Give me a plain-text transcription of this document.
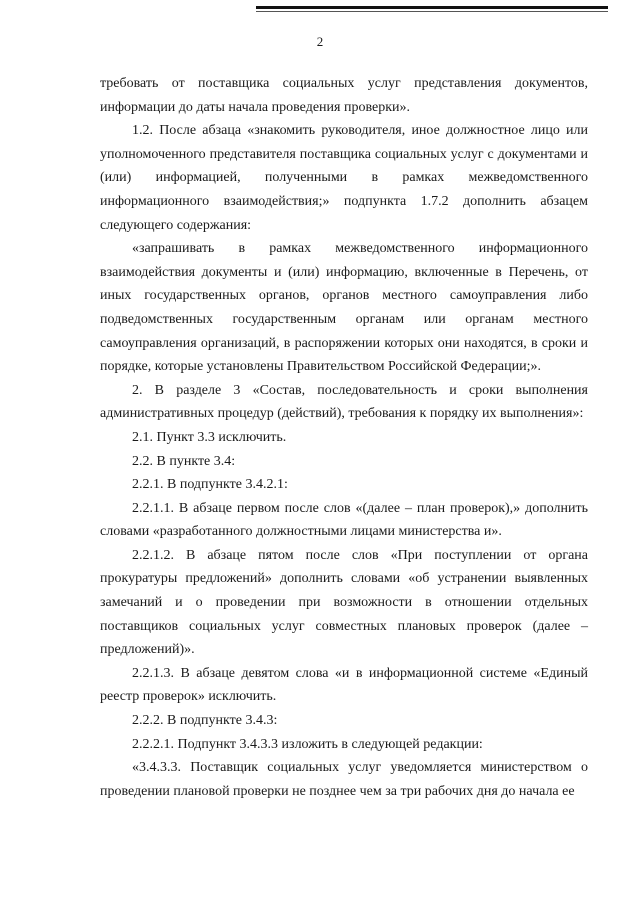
2

требовать от поставщика социальных услуг представления документов, информации до даты начала проведения проверки».

1.2. После абзаца «знакомить руководителя, иное должностное лицо или уполномоченного представителя поставщика социальных услуг с документами и (или) информацией, полученными в рамках межведомственного информационного взаимодействия;» подпункта 1.7.2 дополнить абзацем следующего содержания:

«запрашивать в рамках межведомственного информационного взаимодействия документы и (или) информацию, включенные в Перечень, от иных государственных органов, органов местного самоуправления либо подведомственных государственным органам или органам местного самоуправления организаций, в распоряжении которых они находятся, в сроки и порядке, которые установлены Правительством Российской Федерации;».

2. В разделе 3 «Состав, последовательность и сроки выполнения административных процедур (действий), требования к порядку их выполнения»:

2.1. Пункт 3.3 исключить.

2.2. В пункте 3.4:

2.2.1. В подпункте 3.4.2.1:

2.2.1.1. В абзаце первом после слов «(далее – план проверок),» дополнить словами «разработанного должностными лицами министерства и».

2.2.1.2. В абзаце пятом после слов «При поступлении от органа прокуратуры предложений» дополнить словами «об устранении выявленных замечаний и о проведении при возможности в отношении отдельных поставщиков социальных услуг совместных плановых проверок (далее – предложений)».

2.2.1.3. В абзаце девятом слова «и в информационной системе «Единый реестр проверок» исключить.

2.2.2. В подпункте 3.4.3:

2.2.2.1. Подпункт 3.4.3.3 изложить в следующей редакции:

«3.4.3.3. Поставщик социальных услуг уведомляется министерством о проведении плановой проверки не позднее чем за три рабочих дня до начала ее
